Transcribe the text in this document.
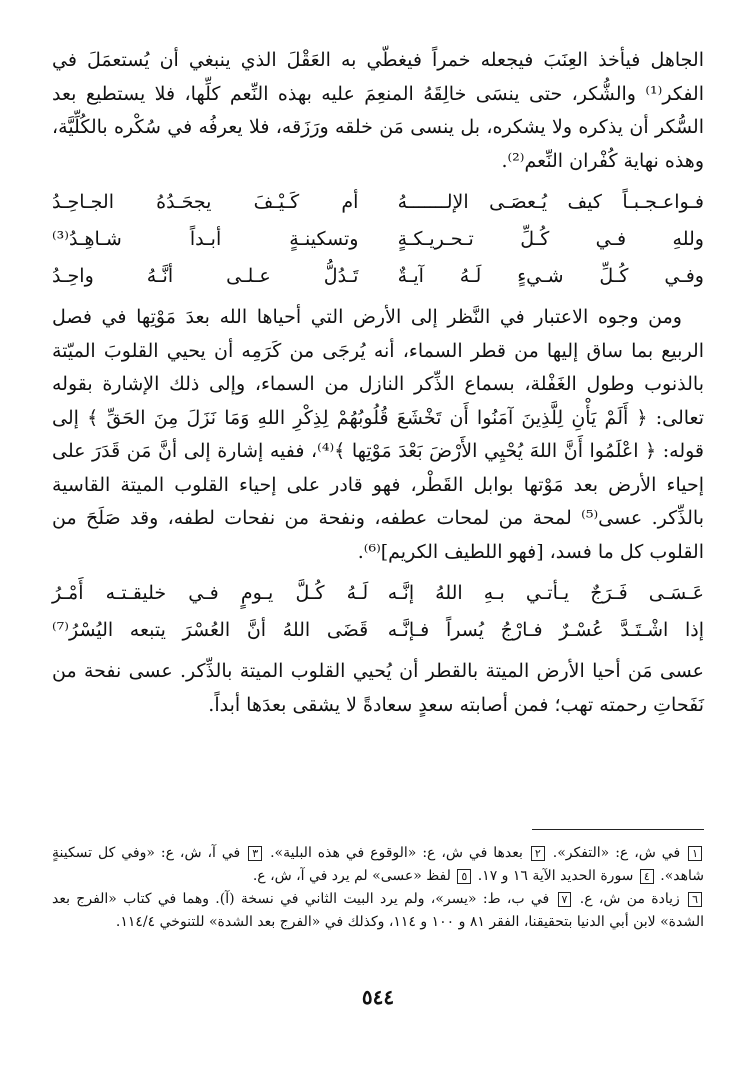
الجاهل فيأخذ العِنَبَ فيجعله خمراً فيغطّي به العَقْلَ الذي ينبغي أن يُستعمَلَ في الفكر⁽¹⁾ والشُّكر، حتى ينسَى خالِقَهُ المنعِمَ عليه بهذه النِّعم كلِّها، فلا يستطيع بعد السُّكر أن يذكره ولا يشكره، بل ينسى مَن خلقه ورَزَقه، فلا يعرفُه في سُكْره بالكُلِّيَّة، وهذه نهاية كُفْران النِّعم⁽²⁾.

فـواعـجـبـاً كيف يُـعصَـى الإلـــــــهُ
أم كَـيْـفَ يجحَـدُهُ الجـاحِـدُ
وللهِ فـي كُـلِّ تـحـريـكـةٍ
وتسكينـةٍ أبـداً شـاهِـدُ⁽³⁾
وفـي كُـلِّ شـيءٍ لَـهُ آيـةٌ
تَـدُلُّ عـلـى أنَّـهُ واحِـدُ

ومن وجوه الاعتبار في النَّظر إلى الأرض التي أحياها الله بعدَ مَوْتِها في فصل الربيع بما ساق إليها من قطر السماء، أنه يُرجَى من كَرَمِه أن يحيي القلوبَ الميّتة بالذنوب وطول الغَفْلة، بسماع الذِّكر النازل من السماء، وإلى ذلك الإشارة بقوله تعالى: ﴿ أَلَمْ يَأْنِ لِلَّذِينَ آمَنُوا أَن تَخْشَعَ قُلُوبُهُمْ لِذِكْرِ اللهِ وَمَا نَزَلَ مِنَ الحَقِّ ﴾ إلى قوله: ﴿ اعْلَمُوا أَنَّ اللهَ يُحْيِي الأَرْضَ بَعْدَ مَوْتِها ﴾⁽⁴⁾، ففيه إشارة إلى أنَّ مَن قَدَرَ على إحياء الأرض بعد مَوْتها بوابل القَطْر، فهو قادر على إحياء القلوب الميتة القاسية بالذِّكر. عسى⁽⁵⁾ لمحة من لمحات عطفه، ونفحة من نفحات لطفه، وقد صَلَحَ من القلوب كل ما فسد، [فهو اللطيف الكريم]⁽⁶⁾.

عَـسَـى فَـرَجٌ يـأتـي بـهِ اللهُ إنَّـه
لَـهُ كُـلَّ يـومٍ فـي خليقـتـه أَمْـرُ
إذا اشْـتَـدَّ عُسْـرٌ فـارْجُ يُسراً فـإنَّـه
قَضَى اللهُ أنَّ العُسْرَ يتبعه اليُسْرُ⁽⁷⁾

عسى مَن أحيا الأرض الميتة بالقطر أن يُحيي القلوب الميتة بالذِّكر. عسى نفحة من نَفَحاتِ رحمته تهب؛ فمن أصابته سعدٍ سعادةً لا يشقى بعدَها أبداً.

١ في ش، ع: «التفكر». ٢ بعدها في ش، ع: «الوقوع في هذه البلية». ٣ في آ، ش، ع: «وفي كل تسكينةٍ شاهد». ٤ سورة الحديد الآية ١٦ و ١٧. ٥ لفظ «عسى» لم يرد في آ، ش، ع.

٦ زيادة من ش، ع. ٧ في ب، ط: «يسر»، ولم يرد البيت الثاني في نسخة (آ). وهما في كتاب «الفرج بعد الشدة» لابن أبي الدنيا بتحقيقنا، الفقر ٨١ و ١٠٠ و ١١٤، وكذلك في «الفرج بعد الشدة» للتنوخي ١١٤/٤.

٥٤٤
